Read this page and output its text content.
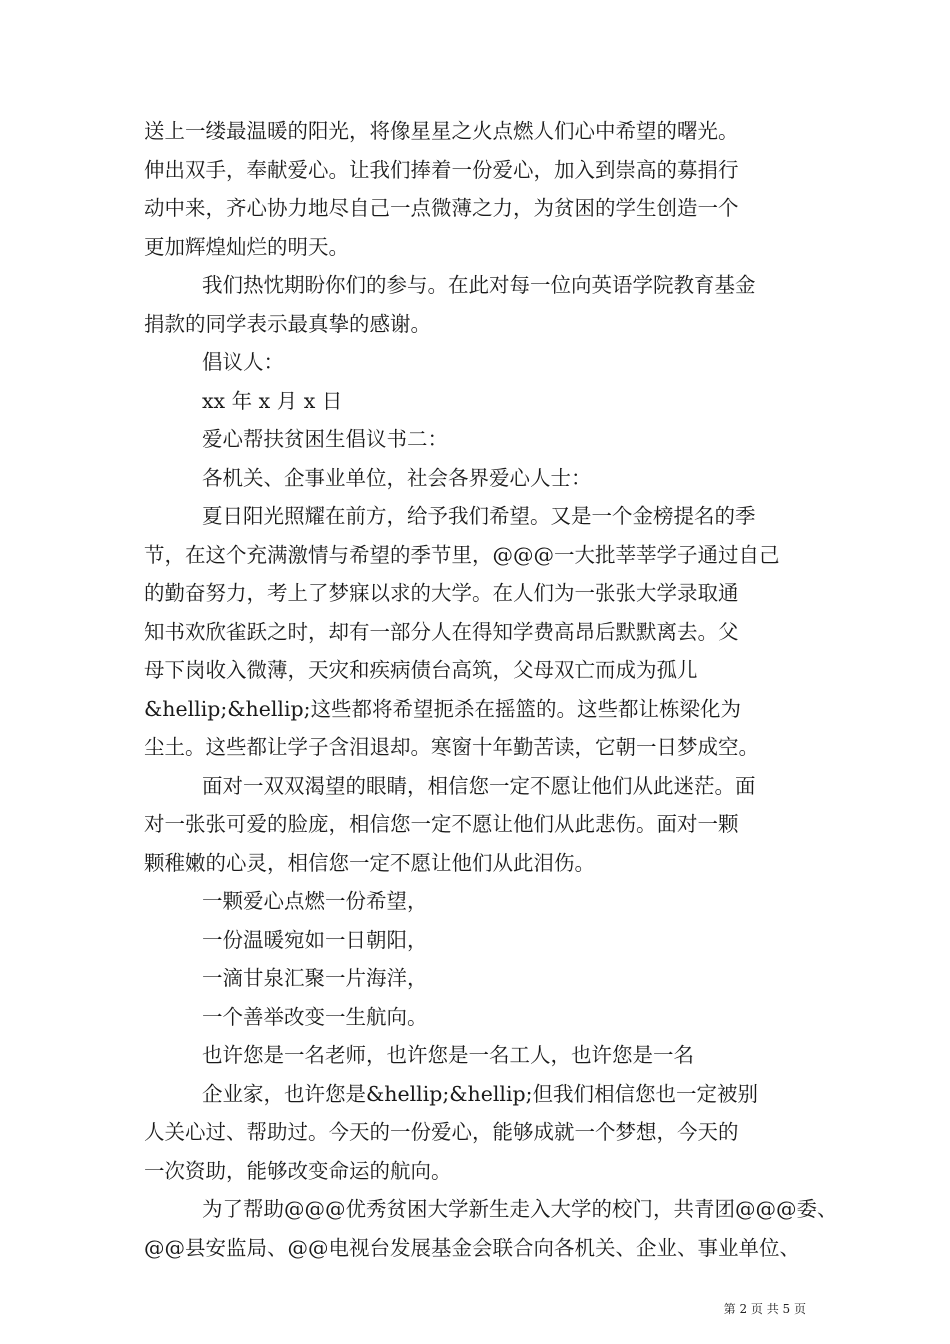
送上一缕最温暖的阳光，将像星星之火点燃人们心中希望的曙光。
伸出双手，奉献爱心。让我们捧着一份爱心，加入到崇高的募捐行
动中来，齐心协力地尽自己一点微薄之力，为贫困的学生创造一个
更加辉煌灿烂的明天。
我们热忱期盼你们的参与。在此对每一位向英语学院教育基金
捐款的同学表示最真挚的感谢。
倡议人：
xx 年 x 月 x 日
爱心帮扶贫困生倡议书二：
各机关、企事业单位，社会各界爱心人士：
夏日阳光照耀在前方，给予我们希望。又是一个金榜提名的季
节，在这个充满激情与希望的季节里，@@@一大批莘莘学子通过自己
的勤奋努力，考上了梦寐以求的大学。在人们为一张张大学录取通
知书欢欣雀跃之时，却有一部分人在得知学费高昂后默默离去。父
母下岗收入微薄，天灾和疾病债台高筑，父母双亡而成为孤儿
&hellip;&hellip;这些都将希望扼杀在摇篮的。这些都让栋梁化为
尘土。这些都让学子含泪退却。寒窗十年勤苦读，它朝一日梦成空。
面对一双双渴望的眼睛，相信您一定不愿让他们从此迷茫。面
对一张张可爱的脸庞，相信您一定不愿让他们从此悲伤。面对一颗
颗稚嫩的心灵，相信您一定不愿让他们从此泪伤。
一颗爱心点燃一份希望，
一份温暖宛如一日朝阳，
一滴甘泉汇聚一片海洋，
一个善举改变一生航向。
也许您是一名老师，也许您是一名工人，也许您是一名
企业家，也许您是&hellip;&hellip;但我们相信您也一定被别
人关心过、帮助过。今天的一份爱心，能够成就一个梦想，今天的
一次资助，能够改变命运的航向。
为了帮助@@@优秀贫困大学新生走入大学的校门，共青团@@@委、
@@县安监局、@@电视台发展基金会联合向各机关、企业、事业单位、
第 2 页 共 5 页
